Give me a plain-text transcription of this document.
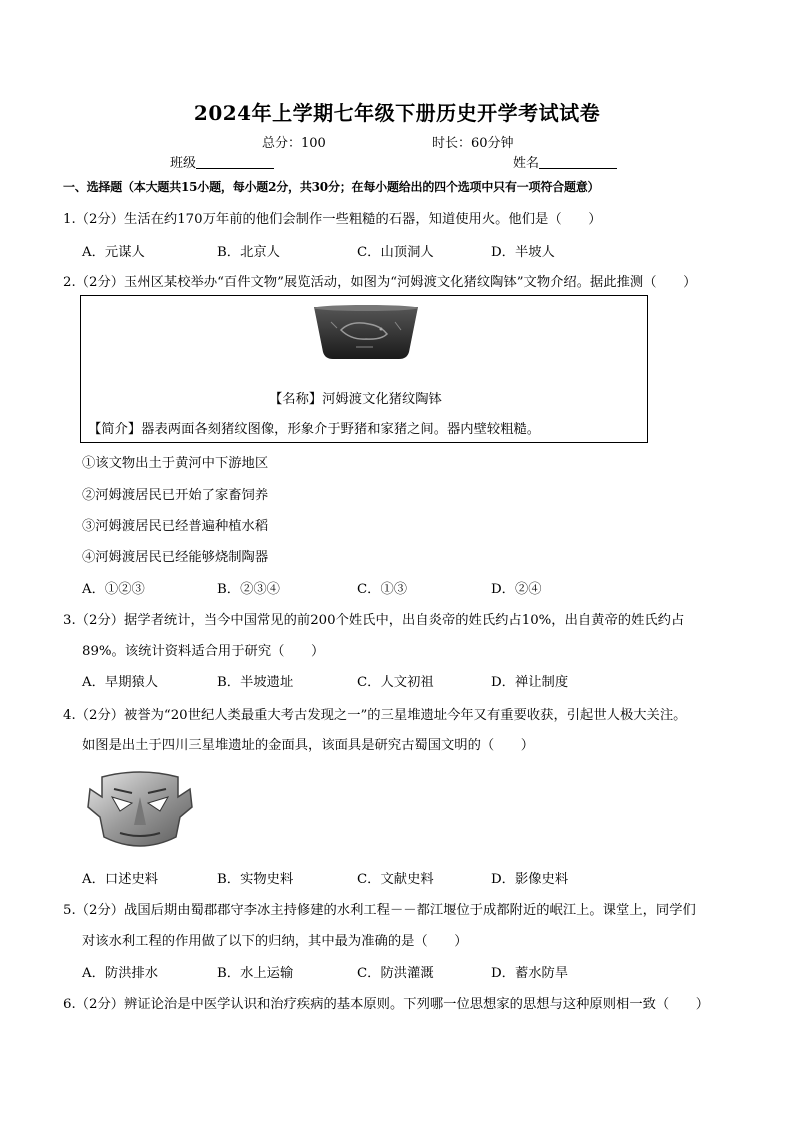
2024年上学期七年级下册历史开学考试试卷
总分：100	时长：60分钟
班级	姓名
一、选择题（本大题共15小题，每小题2分，共30分；在每小题给出的四个选项中只有一项符合题意）
1.（2分）生活在约170万年前的他们会制作一些粗糙的石器，知道使用火。他们是（　　）
A．元谋人	B．北京人	C．山顶洞人	D．半坡人
2.（2分）玉州区某校举办“百件文物”展览活动，如图为“河姆渡文化猪纹陶钵”文物介绍。据此推测（　　）
【名称】河姆渡文化猪纹陶钵
【简介】器表两面各刻猪纹图像，形象介于野猪和家猪之间。器内壁较粗糙。
①该文物出土于黄河中下游地区
②河姆渡居民已开始了家畜饲养
③河姆渡居民已经普遍种植水稻
④河姆渡居民已经能够烧制陶器
A．①②③	B．②③④	C．①③	D．②④
3.（2分）据学者统计，当今中国常见的前200个姓氏中，出自炎帝的姓氏约占10%，出自黄帝的姓氏约占
89%。该统计资料适合用于研究（　　）
A．早期猿人	B．半坡遗址	C．人文初祖	D．禅让制度
4.（2分）被誉为“20世纪人类最重大考古发现之一”的三星堆遗址今年又有重要收获，引起世人极大关注。
如图是出土于四川三星堆遗址的金面具，该面具是研究古蜀国文明的（　　）
A．口述史料	B．实物史料	C．文献史料	D．影像史料
5.（2分）战国后期由蜀郡郡守李冰主持修建的水利工程－－都江堰位于成都附近的岷江上。课堂上，同学们
对该水利工程的作用做了以下的归纳，其中最为准确的是（　　）
A．防洪排水	B．水上运输	C．防洪灌溉	D．蓄水防旱
6.（2分）辨证论治是中医学认识和治疗疾病的基本原则。下列哪一位思想家的思想与这种原则相一致（　　）
